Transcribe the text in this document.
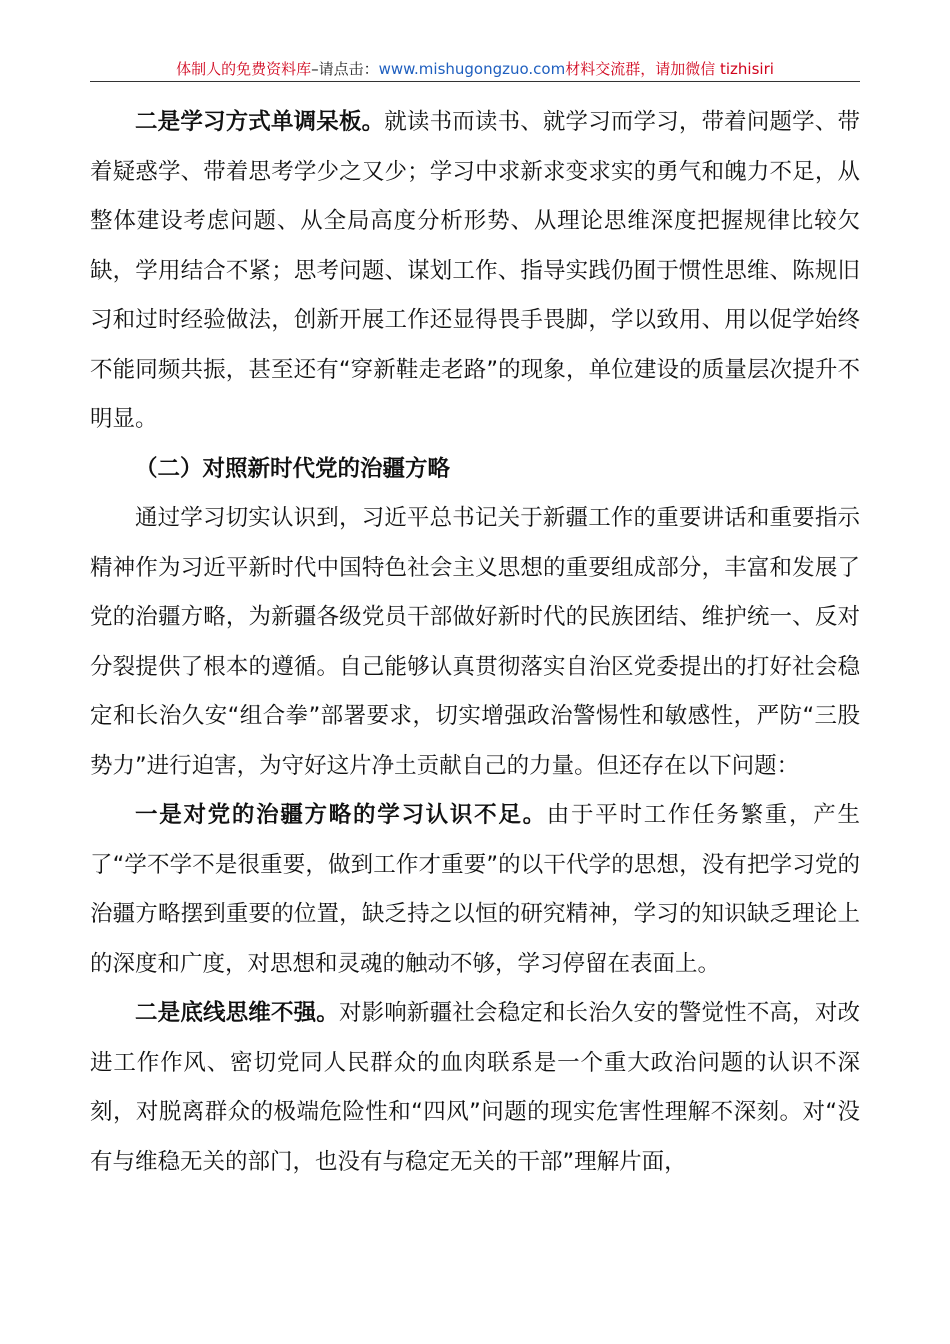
体制人的免费资料库–请点击：www.mishugongzuo.com材料交流群，请加微信 tizhisiri

二是学习方式单调呆板。就读书而读书、就学习而学习，带着问题学、带着疑惑学、带着思考学少之又少；学习中求新求变求实的勇气和魄力不足，从整体建设考虑问题、从全局高度分析形势、从理论思维深度把握规律比较欠缺，学用结合不紧；思考问题、谋划工作、指导实践仍囿于惯性思维、陈规旧习和过时经验做法，创新开展工作还显得畏手畏脚，学以致用、用以促学始终不能同频共振，甚至还有“穿新鞋走老路”的现象，单位建设的质量层次提升不明显。

（二）对照新时代党的治疆方略

通过学习切实认识到，习近平总书记关于新疆工作的重要讲话和重要指示精神作为习近平新时代中国特色社会主义思想的重要组成部分，丰富和发展了党的治疆方略，为新疆各级党员干部做好新时代的民族团结、维护统一、反对分裂提供了根本的遵循。自己能够认真贯彻落实自治区党委提出的打好社会稳定和长治久安“组合拳”部署要求，切实增强政治警惕性和敏感性，严防“三股势力”进行迫害，为守好这片净土贡献自己的力量。但还存在以下问题：

一是对党的治疆方略的学习认识不足。由于平时工作任务繁重，产生了“学不学不是很重要，做到工作才重要”的以干代学的思想，没有把学习党的治疆方略摆到重要的位置，缺乏持之以恒的研究精神，学习的知识缺乏理论上的深度和广度，对思想和灵魂的触动不够，学习停留在表面上。

二是底线思维不强。对影响新疆社会稳定和长治久安的警觉性不高，对改进工作作风、密切党同人民群众的血肉联系是一个重大政治问题的认识不深刻，对脱离群众的极端危险性和“四风”问题的现实危害性理解不深刻。对“没有与维稳无关的部门，也没有与稳定无关的干部”理解片面，
